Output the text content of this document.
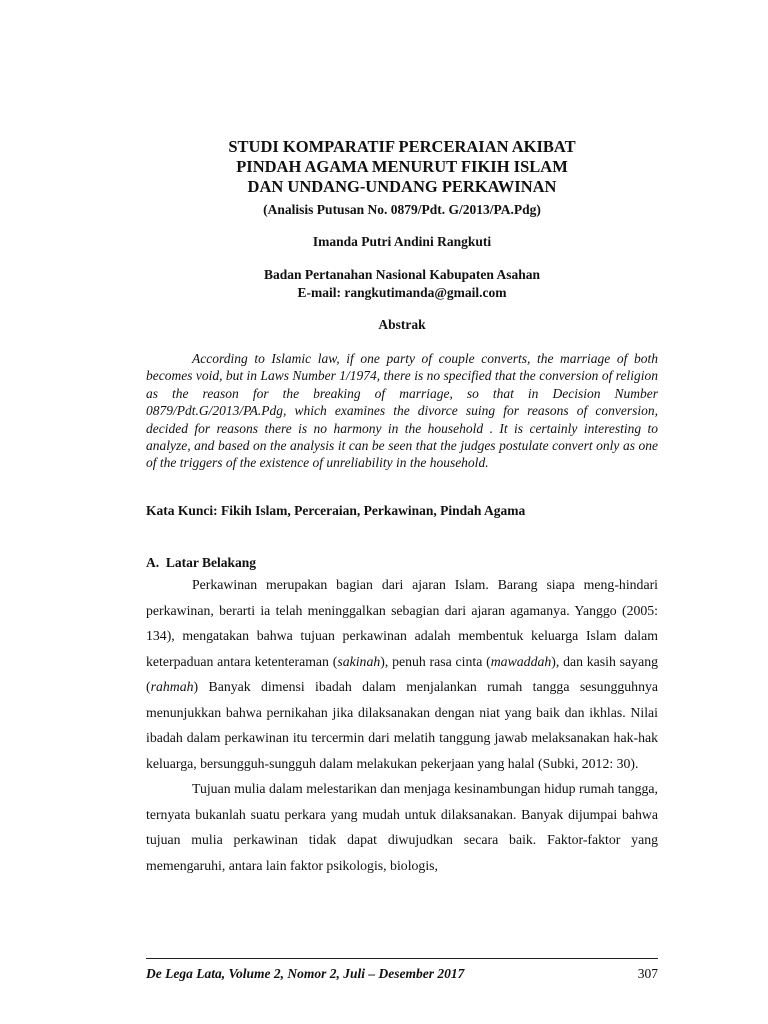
STUDI KOMPARATIF PERCERAIAN AKIBAT
PINDAH AGAMA MENURUT FIKIH ISLAM
DAN UNDANG-UNDANG PERKAWINAN
(Analisis Putusan No. 0879/Pdt. G/2013/PA.Pdg)
Imanda Putri Andini Rangkuti
Badan Pertanahan Nasional Kabupaten Asahan
E-mail: rangkutimanda@gmail.com
Abstrak

According to Islamic law, if one party of couple converts, the marriage of both becomes void, but in Laws Number 1/1974, there is no specified that the conversion of religion as the reason for the breaking of marriage, so that in Decision Number 0879/Pdt.G/2013/PA.Pdg, which examines the divorce suing for reasons of conversion, decided for reasons there is no harmony in the household . It is certainly interesting to analyze, and based on the analysis it can be seen that the judges postulate convert only as one of the triggers of the existence of unreliability in the household.

Kata Kunci: Fikih Islam, Perceraian, Perkawinan, Pindah Agama

A.  Latar Belakang

Perkawinan merupakan bagian dari ajaran Islam. Barang siapa meng-hindari perkawinan, berarti ia telah meninggalkan sebagian dari ajaran agamanya. Yanggo (2005: 134), mengatakan bahwa tujuan perkawinan adalah membentuk keluarga Islam dalam keterpaduan antara ketenteraman (sakinah), penuh rasa cinta (mawaddah), dan kasih sayang (rahmah) Banyak dimensi ibadah dalam menjalankan rumah tangga sesungguhnya menunjukkan bahwa pernikahan jika dilaksanakan dengan niat yang baik dan ikhlas. Nilai ibadah dalam perkawinan itu tercermin dari melatih tanggung jawab melaksanakan hak-hak keluarga, bersungguh-sungguh dalam melakukan pekerjaan yang halal (Subki, 2012: 30).

Tujuan mulia dalam melestarikan dan menjaga kesinambungan hidup rumah tangga, ternyata bukanlah suatu perkara yang mudah untuk dilaksanakan. Banyak dijumpai bahwa tujuan mulia perkawinan tidak dapat diwujudkan secara baik. Faktor-faktor yang memengaruhi, antara lain faktor psikologis, biologis,

De Lega Lata, Volume 2, Nomor 2, Juli – Desember 2017	307
